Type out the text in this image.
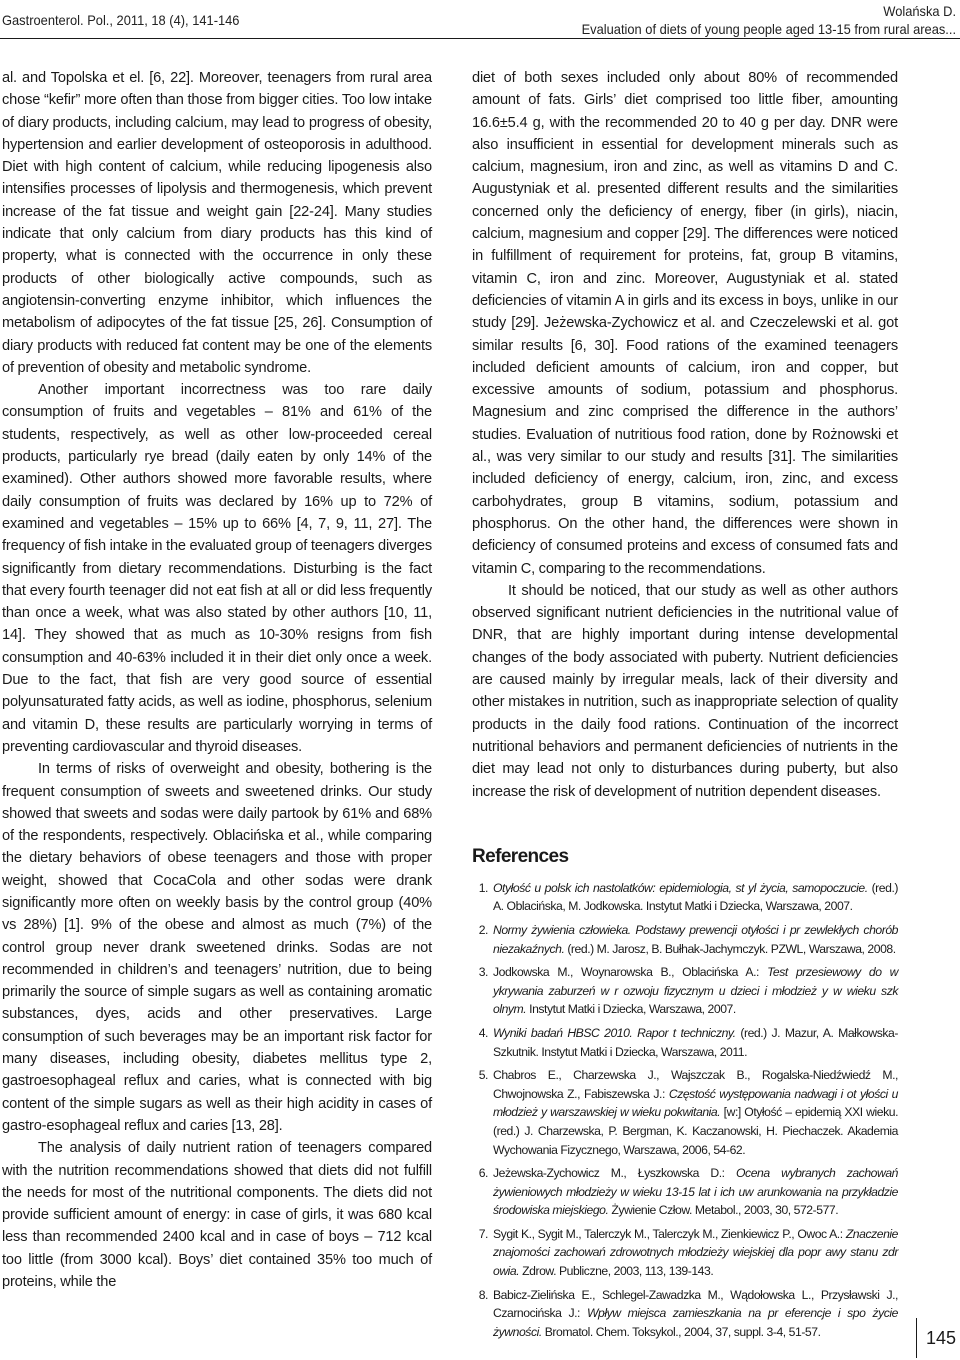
Gastroenterol. Pol., 2011, 18 (4), 141-146
Wolańska D.
Evaluation of diets of young people aged 13-15 from rural areas...

al. and Topolska et el. [6, 22]. Moreover, teenagers from rural area chose “kefir” more often than those from bigger cities. Too low intake of diary products, including calcium, may lead to progress of obesity, hypertension and earlier development of osteoporosis in adulthood. Diet with high content of calcium, while reducing lipogenesis also intensifies processes of lipolysis and thermogenesis, which prevent increase of the fat tissue and weight gain [22-24]. Many studies indicate that only calcium from diary products has this kind of property, what is connected with the occurrence in only these products of other biologically active compounds, such as angiotensin-converting enzyme inhibitor, which influences the metabolism of adipocytes of the fat tissue [25, 26]. Consumption of diary products with reduced fat content may be one of the elements of prevention of obesity and metabolic syndrome.

Another important incorrectness was too rare daily consumption of fruits and vegetables – 81% and 61% of the students, respectively, as well as other low-proceeded cereal products, particularly rye bread (daily eaten by only 14% of the examined). Other authors showed more favorable results, where daily consumption of fruits was declared by 16% up to 72% of examined and vegetables – 15% up to 66% [4, 7, 9, 11, 27]. The frequency of fish intake in the evaluated group of teenagers diverges significantly from dietary recommendations. Disturbing is the fact that every fourth teenager did not eat fish at all or did less frequently than once a week, what was also stated by other authors [10, 11, 14]. They showed that as much as 10-30% resigns from fish consumption and 40-63% included it in their diet only once a week. Due to the fact, that fish are very good source of essential polyunsaturated fatty acids, as well as iodine, phosphorus, selenium and vitamin D, these results are particularly worrying in terms of preventing cardiovascular and thyroid diseases.

In terms of risks of overweight and obesity, bothering is the frequent consumption of sweets and sweetened drinks. Our study showed that sweets and sodas were daily partook by 61% and 68% of the respondents, respectively. Oblacińska et al., while comparing the dietary behaviors of obese teenagers and those with proper weight, showed that CocaCola and other sodas were drank significantly more often on weekly basis by the control group (40% vs 28%) [1]. 9% of the obese and almost as much (7%) of the control group never drank sweetened drinks. Sodas are not recommended in children’s and teenagers’ nutrition, due to being primarily the source of simple sugars as well as containing aromatic substances, dyes, acids and other preservatives. Large consumption of such beverages may be an important risk factor for many diseases, including obesity, diabetes mellitus type 2, gastroesophageal reflux and caries, what is connected with big content of the simple sugars as well as their high acidity in cases of gastro-esophageal reflux and caries [13, 28].

The analysis of daily nutrient ration of teenagers compared with the nutrition recommendations showed that diets did not fulfill the needs for most of the nutritional components. The diets did not provide sufficient amount of energy: in case of girls, it was 680 kcal less than recommended 2400 kcal and in case of boys – 712 kcal too little (from 3000 kcal). Boys’ diet contained 35% too much of proteins, while the

diet of both sexes included only about 80% of recommended amount of fats. Girls’ diet comprised too little fiber, amounting 16.6±5.4 g, with the recommended 20 to 40 g per day. DNR were also insufficient in essential for development minerals such as calcium, magnesium, iron and zinc, as well as vitamins D and C. Augustyniak et al. presented different results and the similarities concerned only the deficiency of energy, fiber (in girls), niacin, calcium, magnesium and copper [29]. The differences were noticed in fulfillment of requirement for proteins, fat, group B vitamins, vitamin C, iron and zinc. Moreover, Augustyniak et al. stated deficiencies of vitamin A in girls and its excess in boys, unlike in our study [29]. Jeżewska-Zychowicz et al. and Czeczelewski et al. got similar results [6, 30]. Food rations of the examined teenagers included deficient amounts of calcium, iron and copper, but excessive amounts of sodium, potassium and phosphorus. Magnesium and zinc comprised the difference in the authors’ studies. Evaluation of nutritious food ration, done by Rożnowski et al., was very similar to our study and results [31]. The similarities included deficiency of energy, calcium, iron, zinc, and excess carbohydrates, group B vitamins, sodium, potassium and phosphorus. On the other hand, the differences were shown in deficiency of consumed proteins and excess of consumed fats and vitamin C, comparing to the recommendations.

It should be noticed, that our study as well as other authors observed significant nutrient deficiencies in the nutritional value of DNR, that are highly important during intense developmental changes of the body associated with puberty. Nutrient deficiencies are caused mainly by irregular meals, lack of their diversity and other mistakes in nutrition, such as inappropriate selection of quality products in the daily food rations. Continuation of the incorrect nutritional behaviors and permanent deficiencies of nutrients in the diet may lead not only to disturbances during puberty, but also increase the risk of development of nutrition dependent diseases.

References
1. Otyłość u polsk ich nastolatków: epidemiologia, st yl życia, samopoczucie. (red.) A. Oblacińska, M. Jodkowska. Instytut Matki i Dziecka, Warszawa, 2007.
2. Normy żywienia człowieka. Podstawy prewencji otyłości i pr zewlekłych chorób niezakaźnych. (red.) M. Jarosz, B. Bułhak-Jachymczyk. PZWL, Warszawa, 2008.
3. Jodkowska M., Woynarowska B., Oblacińska A.: Test przesiewowy do w ykrywania zaburzeń w r ozwoju fizycznym u dzieci i młodzież y w wieku szk olnym. Instytut Matki i Dziecka, Warszawa, 2007.
4. Wyniki badań HBSC 2010. Rapor t techniczny. (red.) J. Mazur, A. Małkowska-Szkutnik. Instytut Matki i Dziecka, Warszawa, 2011.
5. Chabros E., Charzewska J., Wajszczak B., Rogalska-Niedźwiedź M., Chwojnowska Z., Fabiszewska J.: Częstość występowania nadwagi i ot yłości u młodzież y warszawskiej w wieku pokwitania. [w:] Otyłość – epidemią XXI wieku. (red.) J. Charzewska, P. Bergman, K. Kaczanowski, H. Piechaczek. Akademia Wychowania Fizycznego, Warszawa, 2006, 54-62.
6. Jeżewska-Zychowicz M., Łyszkowska D.: Ocena wybranych zachowań żywieniowych młodzieży w wieku 13-15 lat i ich uw arunkowania na przykładzie środowiska miejskiego. Żywienie Człow. Metabol., 2003, 30, 572-577.
7. Sygit K., Sygit M., Talerczyk M., Talerczyk M., Zienkiewicz P., Owoc A.: Znaczenie znajomości zachowań zdrowotnych młodzieży wiejskiej dla popr awy stanu zdr owia. Zdrow. Publiczne, 2003, 113, 139-143.
8. Babicz-Zielińska E., Schlegel-Zawadzka M., Wądołowska L., Przysławski J., Czarnocińska J.: Wpływ miejsca zamieszkania na pr eferencje i spo życie żywności. Bromatol. Chem. Toksykol., 2004, 37, suppl. 3-4, 51-57.	145
